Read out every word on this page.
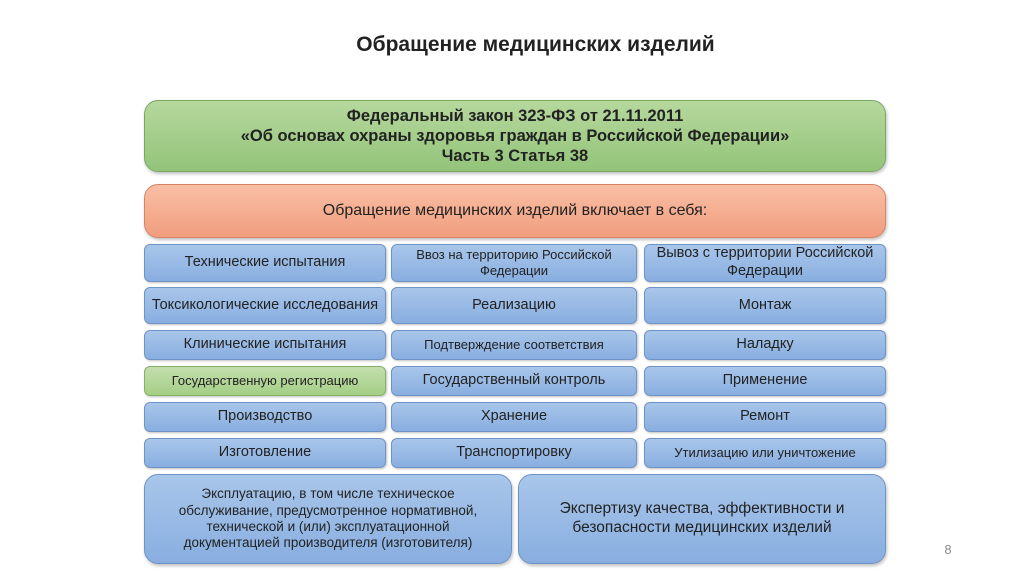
Обращение медицинских изделий
Федеральный закон 323-ФЗ от 21.11.2011
«Об основах охраны здоровья граждан в Российской Федерации»
Часть 3 Статья 38
Обращение медицинских изделий включает в себя:
Технические испытания
Токсикологические исследования
Клинические испытания
Государственную регистрацию
Производство
Изготовление
Ввоз на территорию Российской Федерации
Реализацию
Подтверждение соответствия
Государственный контроль
Хранение
Транспортировку
Вывоз с территории Российской Федерации
Монтаж
Наладку
Применение
Ремонт
Утилизацию или уничтожение
Эксплуатацию, в том числе техническое обслуживание, предусмотренное нормативной, технической и (или) эксплуатационной документацией производителя (изготовителя)
Экспертизу качества, эффективности и безопасности медицинских изделий
8
